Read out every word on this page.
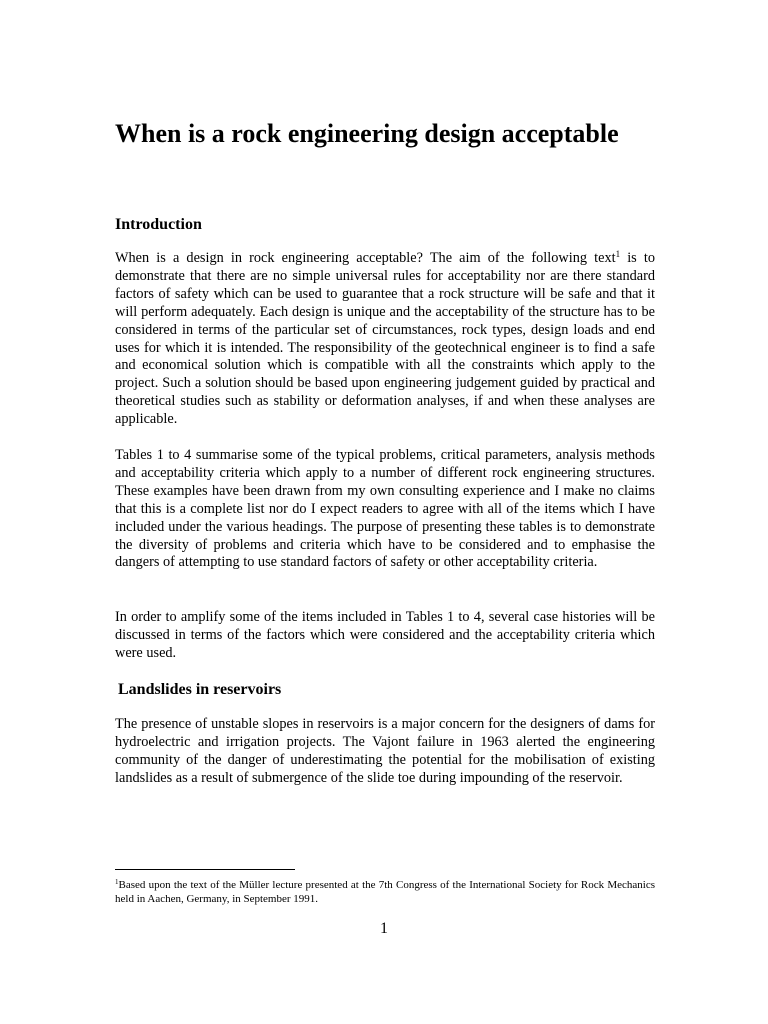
When is a rock engineering design acceptable
Introduction

When is a design in rock engineering acceptable? The aim of the following text$^1$ is to demonstrate that there are no simple universal rules for acceptability nor are there standard factors of safety which can be used to guarantee that a rock structure will be safe and that it will perform adequately. Each design is unique and the acceptability of the structure has to be considered in terms of the particular set of circumstances, rock types, design loads and end uses for which it is intended. The responsibility of the geotechnical engineer is to find a safe and economical solution which is compatible with all the constraints which apply to the project. Such a solution should be based upon engineering judgement guided by practical and theoretical studies such as stability or deformation analyses, if and when these analyses are applicable.

Tables 1 to 4 summarise some of the typical problems, critical parameters, analysis methods and acceptability criteria which apply to a number of different rock engineering structures. These examples have been drawn from my own consulting experience and I make no claims that this is a complete list nor do I expect readers to agree with all of the items which I have included under the various headings. The purpose of presenting these tables is to demonstrate the diversity of problems and criteria which have to be considered and to emphasise the dangers of attempting to use standard factors of safety or other acceptability criteria.

In order to amplify some of the items included in Tables 1 to 4, several case histories will be discussed in terms of the factors which were considered and the acceptability criteria which were used.

Landslides in reservoirs

The presence of unstable slopes in reservoirs is a major concern for the designers of dams for hydroelectric and irrigation projects. The Vajont failure in 1963 alerted the engineering community of the danger of underestimating the potential for the mobilisation of existing landslides as a result of submergence of the slide toe during impounding of the reservoir.

$^1$Based upon the text of the Müller lecture presented at the 7th Congress of the International Society for Rock Mechanics held in Aachen, Germany, in September 1991.

1
